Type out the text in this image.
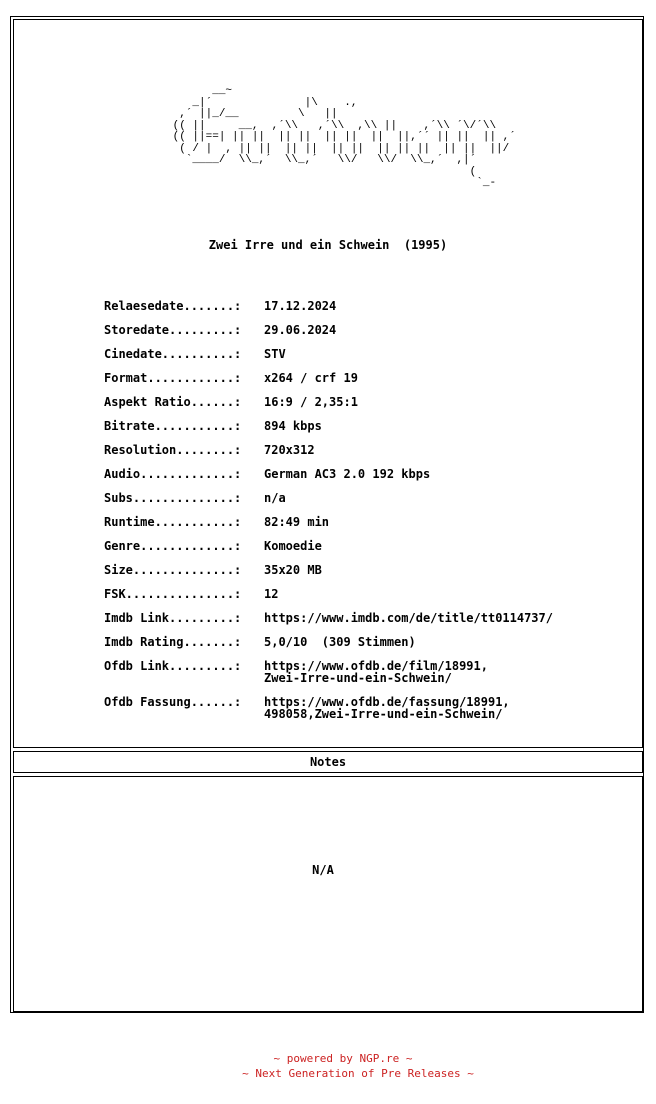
__~
_|´              |\    .,
,´ ||_/__         \   ||
(( ||     __,  ,´\\   ,´\\  ,\\ ||    ,´\\ ´\/´\\
(( ||==| || ||  || ||  || ||  ||  ||,´´ || ||  || ,´
( / |  , || ||  || ||  || ||  || || ||  || ||  ||/
`____/  \\_,´  \\_,´   \\/   \\/  \\_,´  ,|´
(
`_-
Zwei Irre und ein Schwein  (1995)
Relaesedate.......: 17.12.2024
Storedate.........: 29.06.2024
Cinedate..........: STV
Format............: x264 / crf 19
Aspekt Ratio......: 16:9 / 2,35:1
Bitrate...........: 894 kbps
Resolution........: 720x312
Audio.............: German AC3 2.0 192 kbps
Subs..............: n/a
Runtime...........: 82:49 min
Genre.............: Komoedie
Size..............: 35x20 MB
FSK...............: 12
Imdb Link.........: https://www.imdb.com/de/title/tt0114737/
Imdb Rating.......: 5,0/10  (309 Stimmen)
Ofdb Link.........: https://www.ofdb.de/film/18991,
Zwei-Irre-und-ein-Schwein/
Ofdb Fassung......: https://www.ofdb.de/fassung/18991,
498058,Zwei-Irre-und-ein-Schwein/
Notes
N/A
~ powered by NGP.re ~
~ Next Generation of Pre Releases ~
